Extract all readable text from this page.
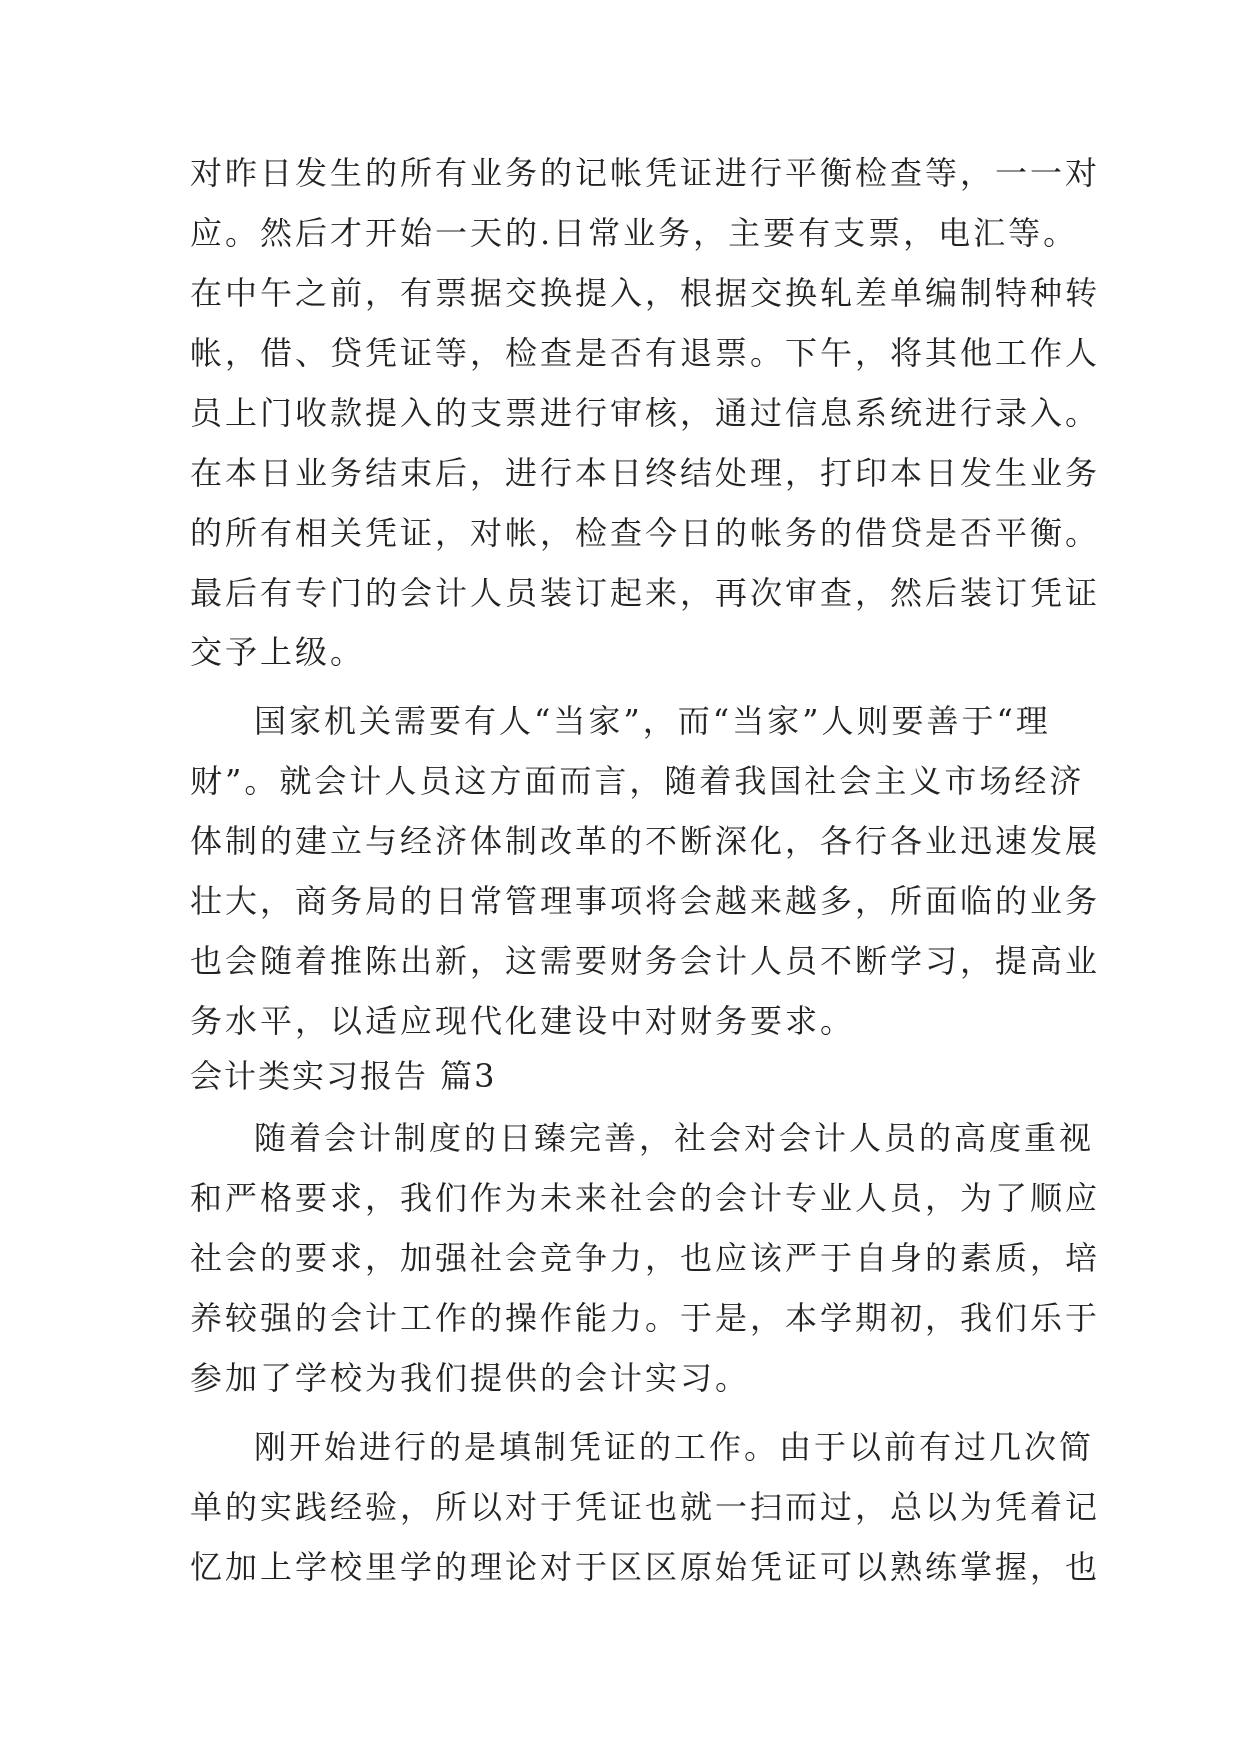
对昨日发生的所有业务的记帐凭证进行平衡检查等，一一对
应。然后才开始一天的.日常业务，主要有支票，电汇等。
在中午之前，有票据交换提入，根据交换轧差单编制特种转
帐，借、贷凭证等，检查是否有退票。下午，将其他工作人
员上门收款提入的支票进行审核，通过信息系统进行录入。
在本日业务结束后，进行本日终结处理，打印本日发生业务
的所有相关凭证，对帐，检查今日的帐务的借贷是否平衡。
最后有专门的会计人员装订起来，再次审查，然后装订凭证
交予上级。
国家机关需要有人“当家”，而“当家”人则要善于“理
财”。就会计人员这方面而言，随着我国社会主义市场经济
体制的建立与经济体制改革的不断深化，各行各业迅速发展
壮大，商务局的日常管理事项将会越来越多，所面临的业务
也会随着推陈出新，这需要财务会计人员不断学习，提高业
务水平，以适应现代化建设中对财务要求。
会计类实习报告 篇3
随着会计制度的日臻完善，社会对会计人员的高度重视
和严格要求，我们作为未来社会的会计专业人员，为了顺应
社会的要求，加强社会竞争力，也应该严于自身的素质，培
养较强的会计工作的操作能力。于是，本学期初，我们乐于
参加了学校为我们提供的会计实习。
刚开始进行的是填制凭证的工作。由于以前有过几次简
单的实践经验，所以对于凭证也就一扫而过，总以为凭着记
忆加上学校里学的理论对于区区原始凭证可以熟练掌握，也
